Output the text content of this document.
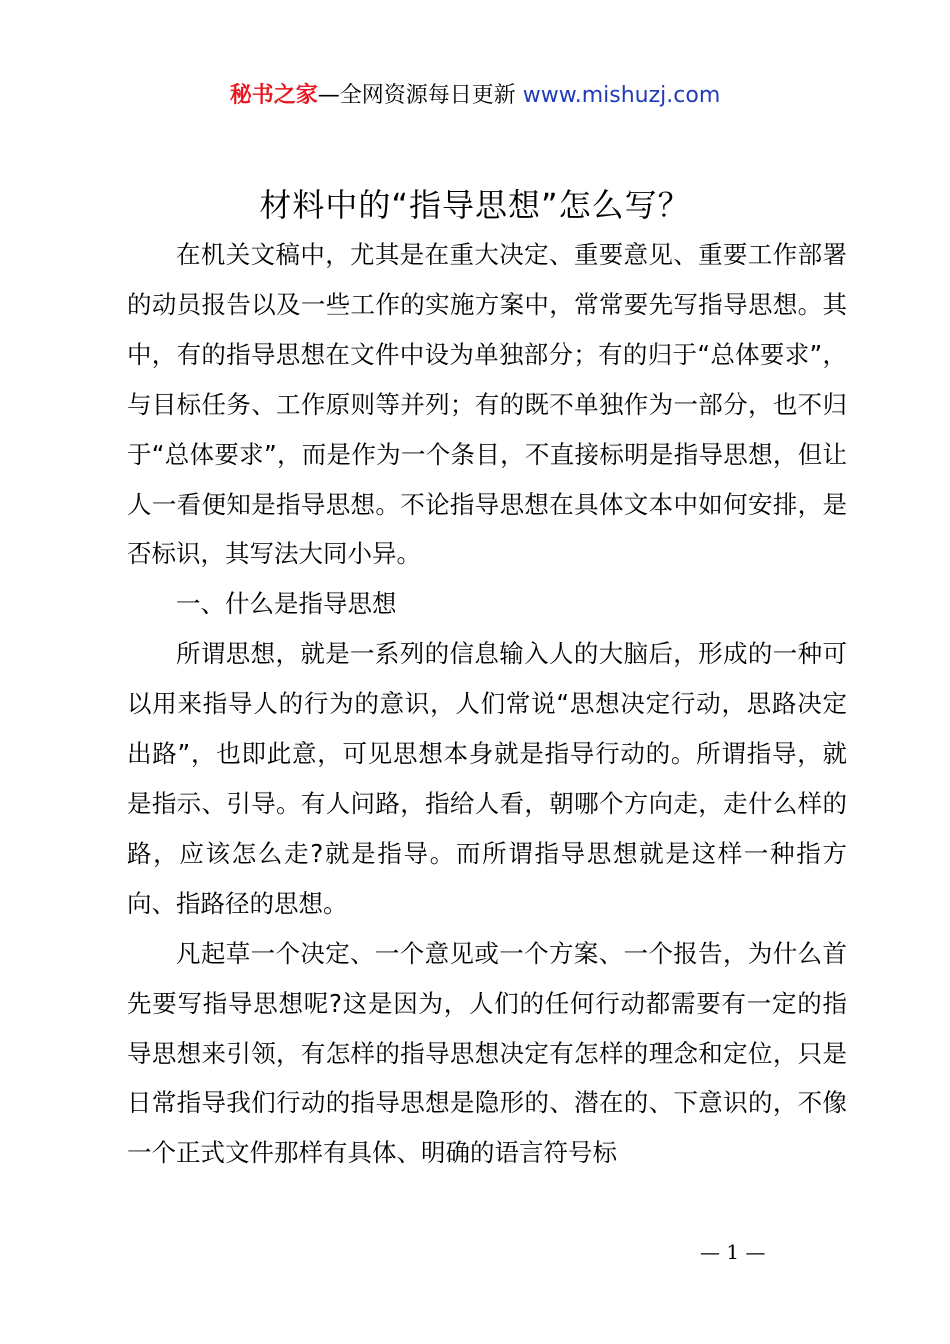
秘书之家—全网资源每日更新 www.mishuzj.com
材料中的“指导思想”怎么写？

在机关文稿中，尤其是在重大决定、重要意见、重要工作部署的动员报告以及一些工作的实施方案中，常常要先写指导思想。其中，有的指导思想在文件中设为单独部分；有的归于“总体要求”，与目标任务、工作原则等并列；有的既不单独作为一部分，也不归于“总体要求”，而是作为一个条目，不直接标明是指导思想，但让人一看便知是指导思想。不论指导思想在具体文本中如何安排，是否标识，其写法大同小异。

一、什么是指导思想

所谓思想，就是一系列的信息输入人的大脑后，形成的一种可以用来指导人的行为的意识，人们常说“思想决定行动，思路决定出路”，也即此意，可见思想本身就是指导行动的。所谓指导，就是指示、引导。有人问路，指给人看，朝哪个方向走，走什么样的路，应该怎么走?就是指导。而所谓指导思想就是这样一种指方向、指路径的思想。

凡起草一个决定、一个意见或一个方案、一个报告，为什么首先要写指导思想呢?这是因为，人们的任何行动都需要有一定的指导思想来引领，有怎样的指导思想决定有怎样的理念和定位，只是日常指导我们行动的指导思想是隐形的、潜在的、下意识的，不像一个正式文件那样有具体、明确的语言符号标

— 1 —
